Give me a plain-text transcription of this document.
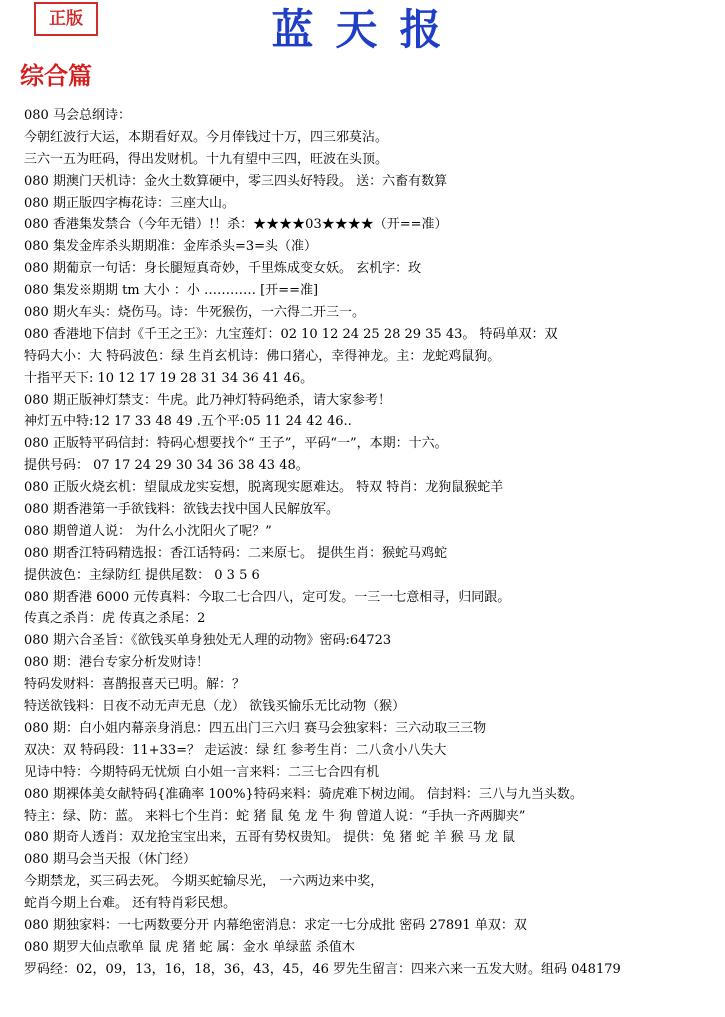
正版	蓝天报
综合篇
080 马会总纲诗：
今朝红波行大运，本期看好双。今月俸钱过十万，四三邪莫沾。
三六一五为旺码，得出发财机。十九有望中三四，旺波在头顶。
080 期澳门天机诗：金火土数算硬中，零三四头好特段。 送：六畜有数算
080 期正版四字梅花诗：三座大山。
080 香港集发禁合（今年无错）!！杀：★★★★03★★★★（开==准）
080 集发金库杀头期期准：金库杀头=3=头（准）
080 期葡京一句话：身长腿短真奇妙，千里炼成变女妖。 玄机字：玫
080 集发※期期 tm 大小 ：小 ………… [开==准]
080 期火车头：烧伤马。诗：牛死猴伤，一六得二开三一。
080 香港地下信封《千王之王》：九宝莲灯：02 10 12 24 25 28 29 35 43。 特码单双：双
特码大小：大 特码波色：绿 生肖玄机诗：佛口猪心，幸得神龙。主：龙蛇鸡鼠狗。
十指平天下: 10 12 17 19 28 31 34 36 41 46。
080 期正版神灯禁支：牛虎。此乃神灯特码绝杀，请大家参考！
神灯五中特:12 17 33 48 49 .五个平:05 11 24 42 46..
080 正版特平码信封：特码心想要找个“ 王子”，平码“一”，本期：十六。
提供号码： 07 17 24 29 30 34 36 38 43 48。
080 正版火烧玄机：望鼠成龙实妄想，脱离现实愿难达。 特双 特肖：龙狗鼠猴蛇羊
080 期香港第一手欲钱料：欲钱去找中国人民解放军。
080 期曾道人说： 为什么小沈阳火了呢？”
080 期香江特码精选报：香江话特码：二来原七。 提供生肖：猴蛇马鸡蛇
提供波色：主绿防红 提供尾数： 0 3 5 6
080 期香港 6000 元传真料：今取二七合四八，定可发。一三一七意相寻，归同跟。
传真之杀肖：虎 传真之杀尾：2
080 期六合圣旨：《欲钱买单身独处无人理的动物》密码:64723
080 期：港台专家分析发财诗！
特码发财料：喜鹊报喜天已明。解：？
特送欲钱料：日夜不动无声无息（龙） 欲钱买愉乐无比动物（猴）
080 期：白小姐内幕亲身消息：四五出门三六归 赛马会独家料：三六动取三三物
双决：双 特码段：11+33=？ 走运波：绿 红 参考生肖：二八贪小八失大
见诗中特：今期特码无忧烦 白小姐一言来料：二三七合四有机
080 期裸体美女献特码{准确率 100%}特码来料：骑虎难下树边闹。 信封料：三八与九当头数。
特主：绿、防：蓝。 来料七个生肖：蛇 猪 鼠 兔 龙 牛 狗 曾道人说：“手执一齐两脚夹”
080 期奇人透肖：双龙抢宝宝出来，五哥有势权贵知。 提供：兔 猪 蛇 羊 猴 马 龙 鼠
080 期马会当天报（休门经）
今期禁龙，买三码去死。 今期买蛇输尽光， 一六两边来中奖，
蛇肖今期上台难。 还有特肖彩民想。
080 期独家料：一七两数要分开 内幕绝密消息：求定一七分成批 密码 27891 单双：双
080 期罗大仙点歌单 鼠 虎 猪 蛇 属：金水 单绿蓝 杀值木
罗码经：02，09，13，16，18，36，43，45，46 罗先生留言：四来六来一五发大财。组码 048179
